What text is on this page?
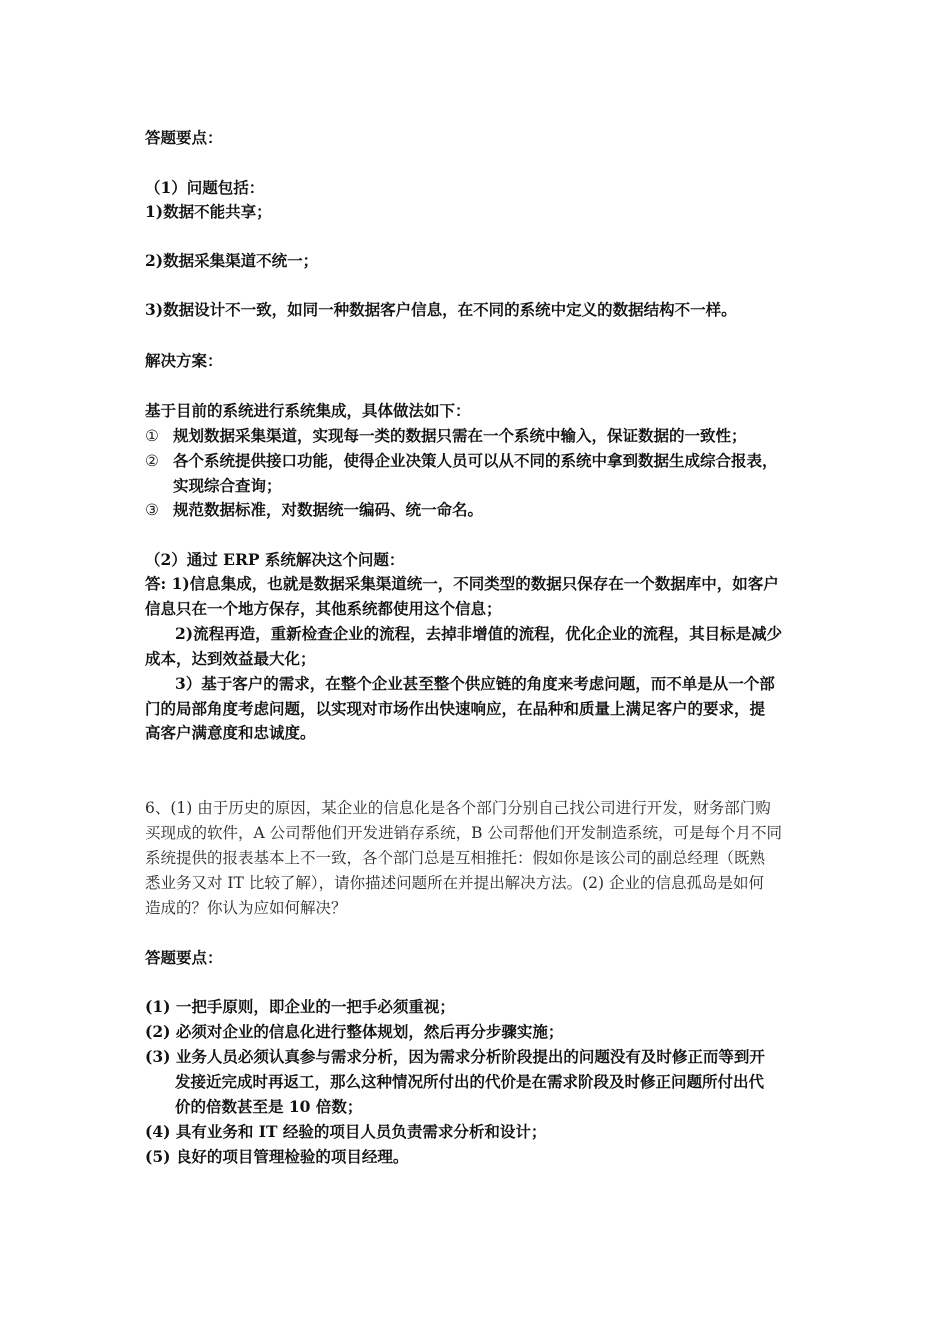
答题要点：
（1）问题包括：
1)数据不能共享；
2)数据采集渠道不统一；
3)数据设计不一致，如同一种数据客户信息，在不同的系统中定义的数据结构不一样。
解决方案：
基于目前的系统进行系统集成，具体做法如下：
① 规划数据采集渠道，实现每一类的数据只需在一个系统中输入，保证数据的一致性；
② 各个系统提供接口功能，使得企业决策人员可以从不同的系统中拿到数据生成综合报表，
实现综合查询；
③ 规范数据标准，对数据统一编码、统一命名。
（2）通过 ERP 系统解决这个问题：
答: 1)信息集成，也就是数据采集渠道统一，不同类型的数据只保存在一个数据库中，如客户
信息只在一个地方保存，其他系统都使用这个信息；
2)流程再造，重新检查企业的流程，去掉非增值的流程，优化企业的流程，其目标是减少
成本，达到效益最大化；
3）基于客户的需求，在整个企业甚至整个供应链的角度来考虑问题，而不单是从一个部
门的局部角度考虑问题，以实现对市场作出快速响应，在品种和质量上满足客户的要求，提
高客户满意度和忠诚度。
6、(1) 由于历史的原因，某企业的信息化是各个部门分别自己找公司进行开发，财务部门购
买现成的软件，A 公司帮他们开发进销存系统，B 公司帮他们开发制造系统，可是每个月不同
系统提供的报表基本上不一致，各个部门总是互相推托：假如你是该公司的副总经理（既熟
悉业务又对 IT 比较了解），请你描述问题所在并提出解决方法。(2) 企业的信息孤岛是如何
造成的？你认为应如何解决？
答题要点：
(1) 一把手原则，即企业的一把手必须重视；
(2) 必须对企业的信息化进行整体规划，然后再分步骤实施；
(3) 业务人员必须认真参与需求分析，因为需求分析阶段提出的问题没有及时修正而等到开
发接近完成时再返工，那么这种情况所付出的代价是在需求阶段及时修正问题所付出代
价的倍数甚至是 10 倍数；
(4) 具有业务和 IT 经验的项目人员负责需求分析和设计；
(5) 良好的项目管理检验的项目经理。
